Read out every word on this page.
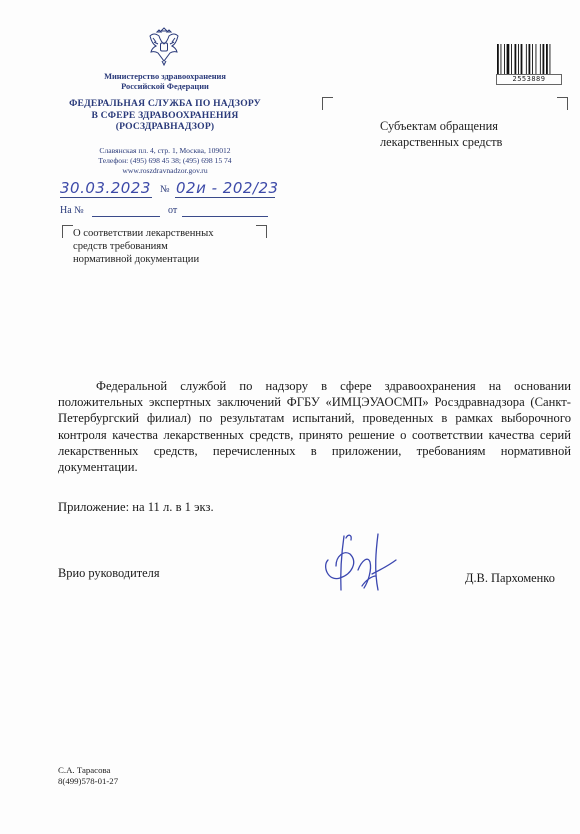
Министерство здравоохранения
Российской Федерации
ФЕДЕРАЛЬНАЯ СЛУЖБА ПО НАДЗОРУ
В СФЕРЕ ЗДРАВООХРАНЕНИЯ
(РОСЗДРАВНАДЗОР)
Славянская пл. 4, стр. 1, Москва, 109012
Телефон: (495) 698 45 38; (495) 698 15 74
www.roszdravnadzor.gov.ru
2553889
30.03.2023 № 02и - 202/23
На №	от
О соответствии лекарственных
средств требованиям
нормативной документации
Субъектам обращения
лекарственных средств
Федеральной службой по надзору в сфере здравоохранения на основании положительных экспертных заключений ФГБУ «ИМЦЭУАОСМП» Росздравнадзора (Санкт-Петербургский филиал) по результатам испытаний, проведенных в рамках выборочного контроля качества лекарственных средств, принято решение о соответствии качества серий лекарственных средств, перечисленных в приложении, требованиям нормативной документации.
Приложение: на 11 л. в 1 экз.
Врио руководителя	Д.В. Пархоменко
С.А. Тарасова
8(499)578-01-27
